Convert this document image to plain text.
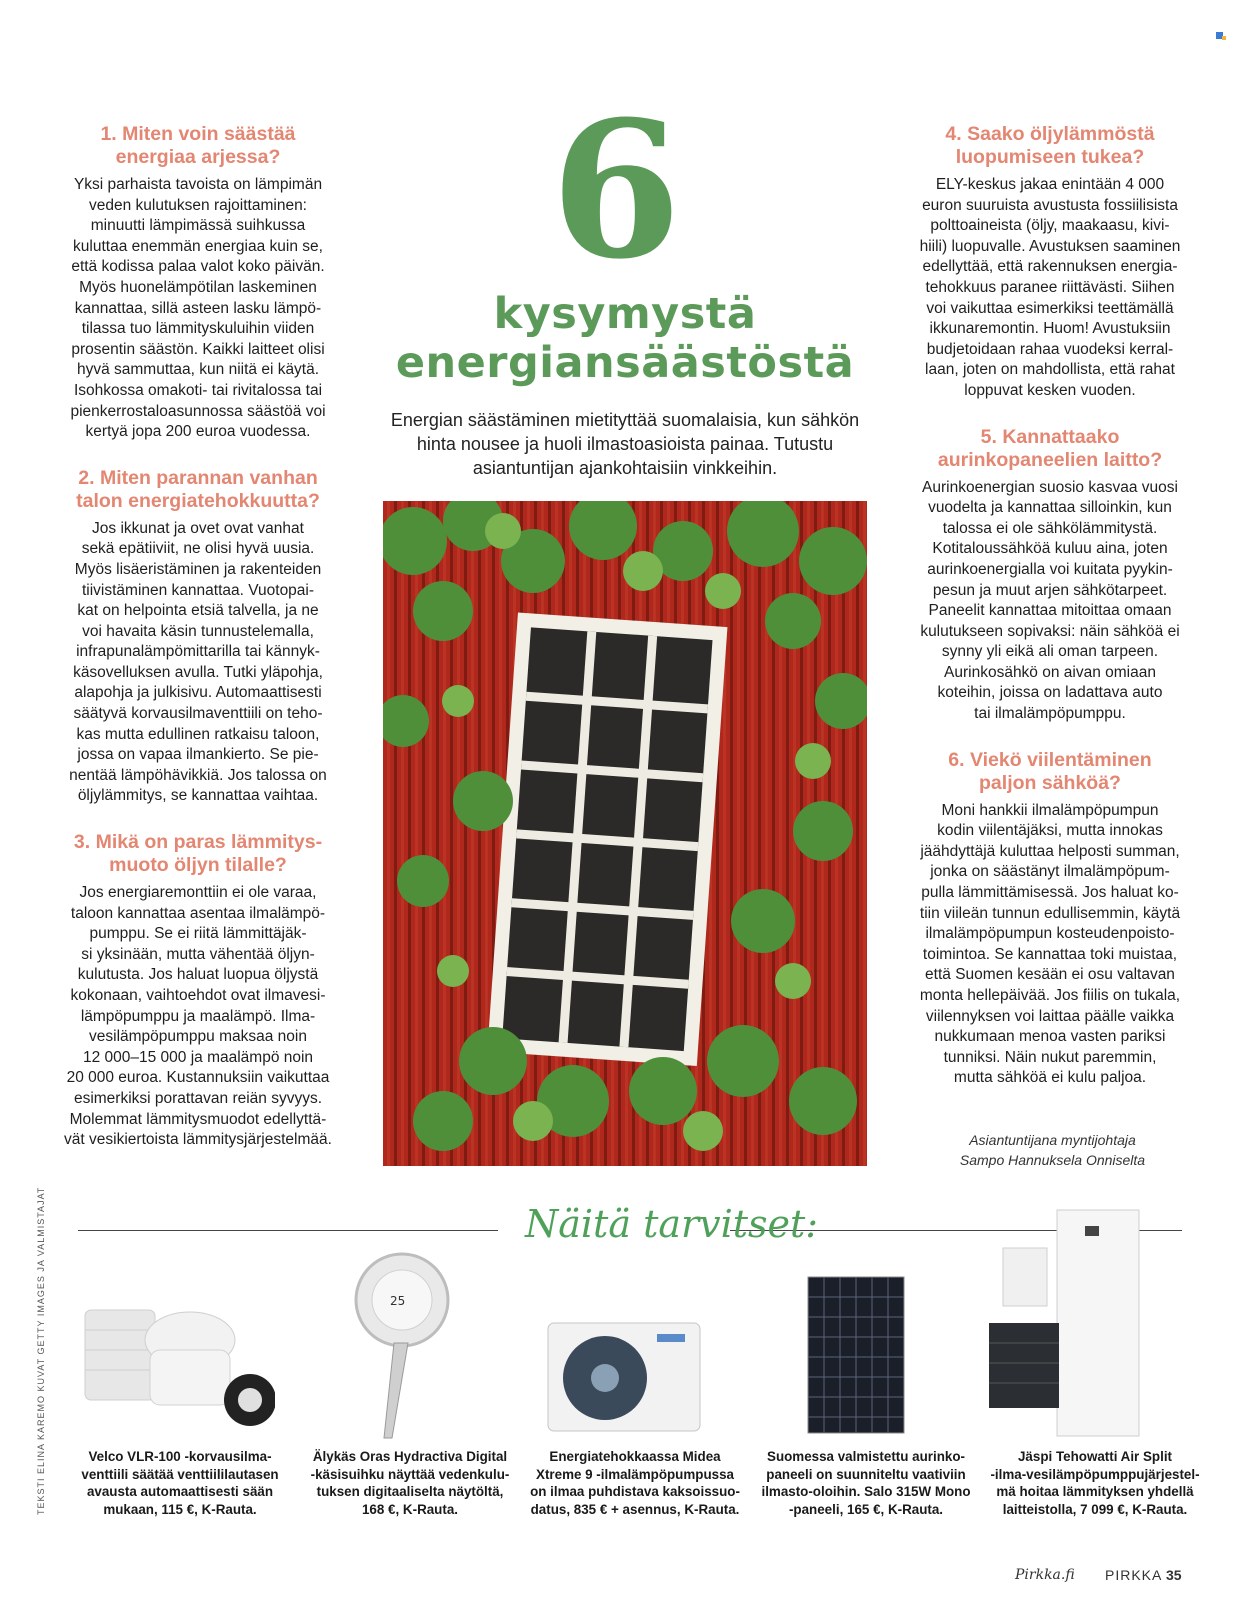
1. Miten voin säästää
energiaa arjessa?

Yksi parhaista tavoista on lämpimän
veden kulutuksen rajoittaminen:
minuutti lämpimässä suihkussa
kuluttaa enemmän energiaa kuin se,
että kodissa palaa valot koko päivän.
Myös huonelämpötilan laskeminen
kannattaa, sillä asteen lasku lämpö-
tilassa tuo lämmityskuluihin viiden
prosentin säästön. Kaikki laitteet olisi
hyvä sammuttaa, kun niitä ei käytä.
Isohkossa omakoti- tai rivitalossa tai
pienkerrostaloasunnossa säästöä voi
kertyä jopa 200 euroa vuodessa.

2. Miten parannan vanhan
talon energiatehokkuutta?

Jos ikkunat ja ovet ovat vanhat
sekä epätiiviit, ne olisi hyvä uusia.
Myös lisäeristäminen ja rakenteiden
tiivistäminen kannattaa. Vuotopai-
kat on helpointa etsiä talvella, ja ne
voi havaita käsin tunnustelemalla,
infrapunalämpömittarilla tai kännyk-
käsovelluksen avulla. Tutki yläpohja,
alapohja ja julkisivu. Automaattisesti
säätyvä korvausilmaventtiili on teho-
kas mutta edullinen ratkaisu taloon,
jossa on vapaa ilmankierto. Se pie-
nentää lämpöhävikkiä. Jos talossa on
öljylämmitys, se kannattaa vaihtaa.

3. Mikä on paras lämmitys-
muoto öljyn tilalle?

Jos energiaremonttiin ei ole varaa,
taloon kannattaa asentaa ilmalämpö-
pumppu. Se ei riitä lämmittäjäk-
si yksinään, mutta vähentää öljyn-
kulutusta. Jos haluat luopua öljystä
kokonaan, vaihtoehdot ovat ilmavesi-
lämpöpumppu ja maalämpö. Ilma-
vesilämpöpumppu maksaa noin
12 000–15 000 ja maalämpö noin
20 000 euroa. Kustannuksiin vaikuttaa
esimerkiksi porattavan reiän syvyys.
Molemmat lämmitysmuodot edellyttä-
vät vesikiertoista lämmitysjärjestelmää.

4. Saako öljylämmöstä
luopumiseen tukea?

ELY-keskus jakaa enintään 4 000
euron suuruista avustusta fossiilisista
polttoaineista (öljy, maakaasu, kivi-
hiili) luopuvalle. Avustuksen saaminen
edellyttää, että rakennuksen energia-
tehokkuus paranee riittävästi. Siihen
voi vaikuttaa esimerkiksi teettämällä
ikkunaremontin. Huom! Avustuksiin
budjetoidaan rahaa vuodeksi kerral-
laan, joten on mahdollista, että rahat
loppuvat kesken vuoden.

5. Kannattaako
aurinkopaneelien laitto?

Aurinkoenergian suosio kasvaa vuosi
vuodelta ja kannattaa silloinkin, kun
talossa ei ole sähkölämmitystä.
Kotitaloussähköä kuluu aina, joten
aurinkoenergialla voi kuitata pyykin-
pesun ja muut arjen sähkötarpeet.
Paneelit kannattaa mitoittaa omaan
kulutukseen sopivaksi: näin sähköä ei
synny yli eikä ali oman tarpeen.
Aurinkosähkö on aivan omiaan
koteihin, joissa on ladattava auto
tai ilmalämpöpumppu.

6. Viekö viilentäminen
paljon sähköä?

Moni hankkii ilmalämpöpumpun
kodin viilentäjäksi, mutta innokas
jäähdyttäjä kuluttaa helposti summan,
jonka on säästänyt ilmalämpöpum-
pulla lämmittämisessä. Jos haluat ko-
tiin viileän tunnun edullisemmin, käytä
ilmalämpöpumpun kosteudenpoisto-
toimintoa. Se kannattaa toki muistaa,
että Suomen kesään ei osu valtavan
monta hellepäivää. Jos fiilis on tukala,
viilennyksen voi laittaa päälle vaikka
nukkumaan menoa vasten pariksi
tunniksi. Näin nukut paremmin,
mutta sähköä ei kulu paljoa.

Asiantuntijana myntijohtaja
Sampo Hannuksela Onniselta
6
kysymystä
energiansäästöstä
Energian säästäminen mietityttää suomalaisia, kun sähkön hinta nousee ja huoli ilmastoasioista painaa. Tutustu asiantuntijan ajankohtaisiin vinkkeihin.
TEKSTI ELINA KAREMO KUVAT GETTY IMAGES JA VALMISTAJAT	Näitä tarvitset:
25
Velco VLR-100 -korvausilma-
venttiili säätää venttiililautasen
avausta automaattisesti sään
mukaan, 115 €, K-Rauta.
Älykäs Oras Hydractiva Digital
-käsisuihku näyttää vedenkulu-
tuksen digitaaliselta näytöltä,
168 €, K-Rauta.
Energiatehokkaassa Midea
Xtreme 9 -ilmalämpöpumpussa
on ilmaa puhdistava kaksoissuo-
datus, 835 € + asennus, K-Rauta.
Suomessa valmistettu aurinko-
paneeli on suunniteltu vaativiin
ilmasto-oloihin. Salo 315W Mono
-paneeli, 165 €, K-Rauta.
Jäspi Tehowatti Air Split
-ilma-vesilämpöpumppujärjestel-
mä hoitaa lämmityksen yhdellä
laitteistolla, 7 099 €, K-Rauta.
Pirkka.fi PIRKKA 35
